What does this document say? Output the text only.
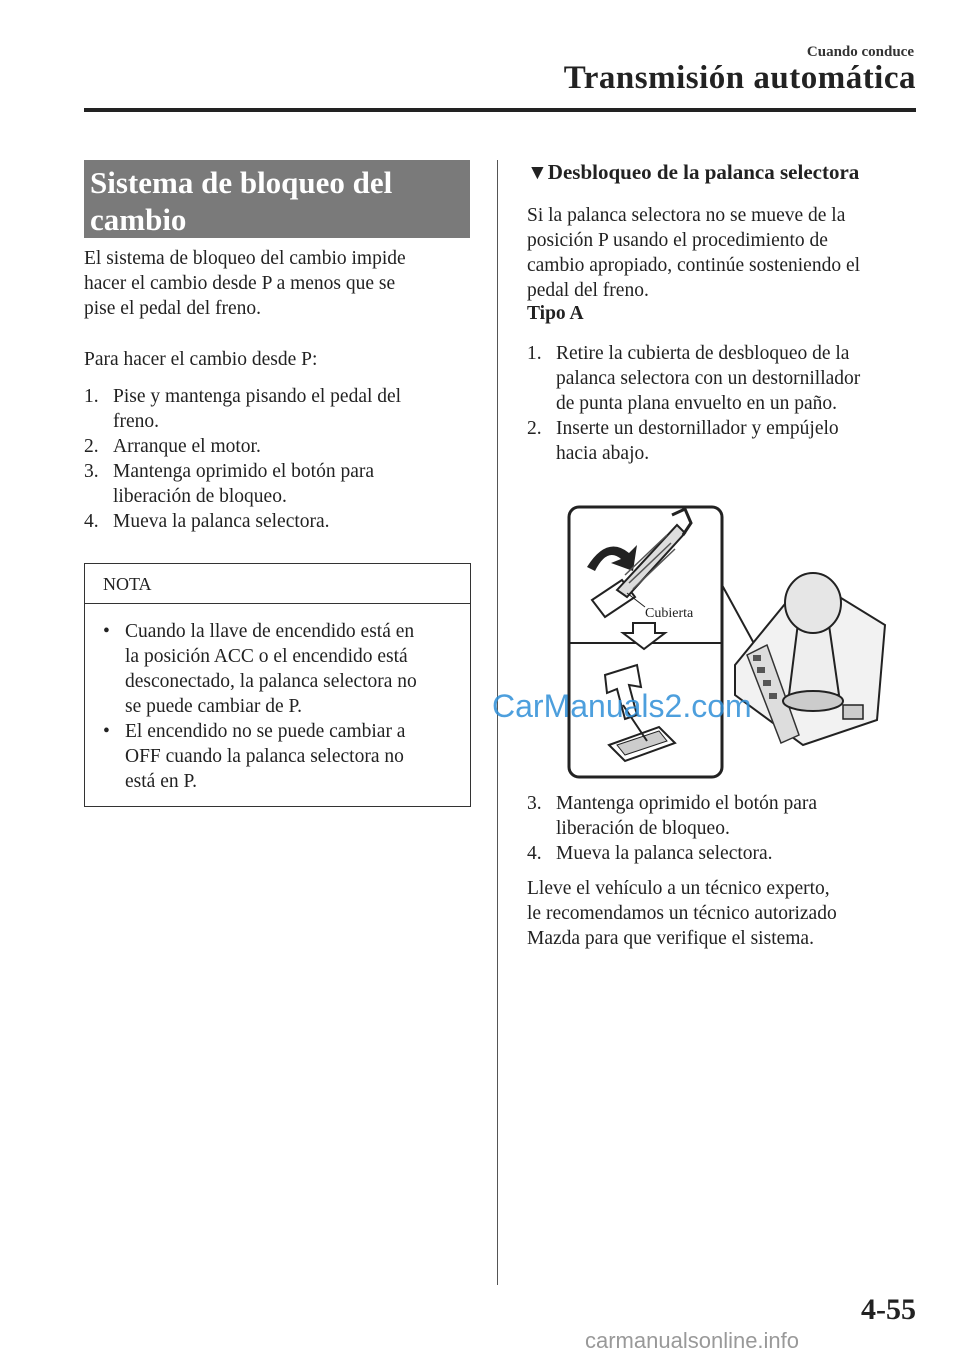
Cuando conduce
Transmisión automática
Sistema de bloqueo del
cambio
El sistema de bloqueo del cambio impide
hacer el cambio desde P a menos que se
pise el pedal del freno.
Para hacer el cambio desde P:
1. Pise y mantenga pisando el pedal del
freno.
2. Arranque el motor.
3. Mantenga oprimido el botón para
liberación de bloqueo.
4. Mueva la palanca selectora.
NOTA
• Cuando la llave de encendido está en
la posición ACC o el encendido está
desconectado, la palanca selectora no
se puede cambiar de P.
• El encendido no se puede cambiar a
OFF cuando la palanca selectora no
está en P.
▼Desbloqueo de la palanca selectora
Si la palanca selectora no se mueve de la
posición P usando el procedimiento de
cambio apropiado, continúe sosteniendo el
pedal del freno.
Tipo A
1. Retire la cubierta de desbloqueo de la
palanca selectora con un destornillador
de punta plana envuelto en un paño.
2. Inserte un destornillador y empújelo
hacia abajo.
Cubierta
3. Mantenga oprimido el botón para
liberación de bloqueo.
4. Mueva la palanca selectora.
Lleve el vehículo a un técnico experto,
le recomendamos un técnico autorizado
Mazda para que verifique el sistema.
CarManuals2.com
4-55
carmanualsonline.info
